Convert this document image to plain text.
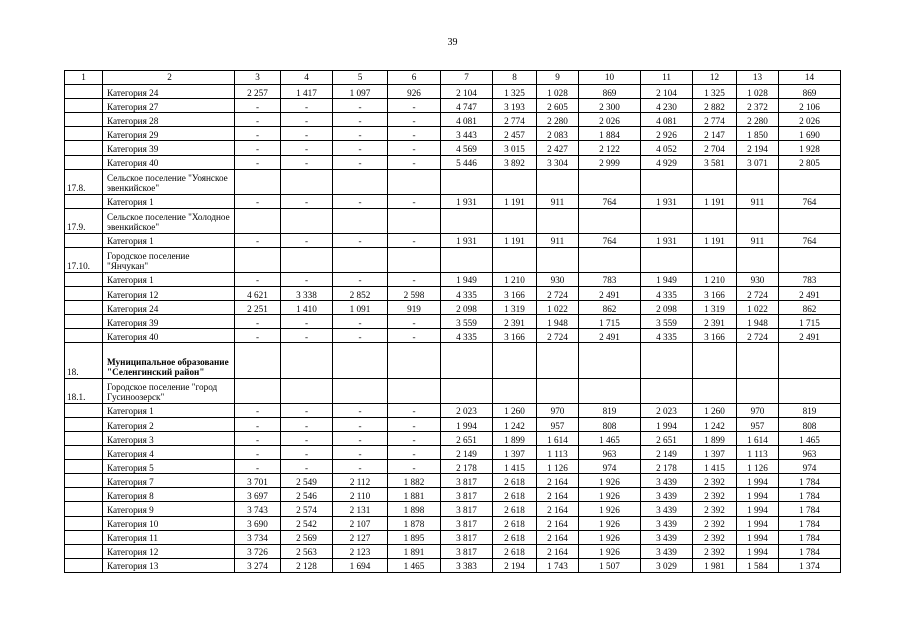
39
1	2	3	4	5	6	7	8	9	10	11	12	13	14
	Категория 24	2 257	1 417	1 097	926	2 104	1 325	1 028	869	2 104	1 325	1 028	869
	Категория 27	-	-	-	-	4 747	3 193	2 605	2 300	4 230	2 882	2 372	2 106
	Категория 28	-	-	-	-	4 081	2 774	2 280	2 026	4 081	2 774	2 280	2 026
	Категория 29	-	-	-	-	3 443	2 457	2 083	1 884	2 926	2 147	1 850	1 690
	Категория 39	-	-	-	-	4 569	3 015	2 427	2 122	4 052	2 704	2 194	1 928
	Категория 40	-	-	-	-	5 446	3 892	3 304	2 999	4 929	3 581	3 071	2 805
17.8.	Сельское поселение "Уоянское эвенкийское"												
	Категория 1	-	-	-	-	1 931	1 191	911	764	1 931	1 191	911	764
17.9.	Сельское поселение "Холодное эвенкийское"												
	Категория 1	-	-	-	-	1 931	1 191	911	764	1 931	1 191	911	764
17.10.	Городское поселение "Янчукан"												
	Категория 1	-	-	-	-	1 949	1 210	930	783	1 949	1 210	930	783
	Категория 12	4 621	3 338	2 852	2 598	4 335	3 166	2 724	2 491	4 335	3 166	2 724	2 491
	Категория 24	2 251	1 410	1 091	919	2 098	1 319	1 022	862	2 098	1 319	1 022	862
	Категория 39	-	-	-	-	3 559	2 391	1 948	1 715	3 559	2 391	1 948	1 715
	Категория 40	-	-	-	-	4 335	3 166	2 724	2 491	4 335	3 166	2 724	2 491
18.	Муниципальное образование "Селенгинский район"												
18.1.	Городское поселение "город Гусиноозерск"												
	Категория 1	-	-	-	-	2 023	1 260	970	819	2 023	1 260	970	819
	Категория 2	-	-	-	-	1 994	1 242	957	808	1 994	1 242	957	808
	Категория 3	-	-	-	-	2 651	1 899	1 614	1 465	2 651	1 899	1 614	1 465
	Категория 4	-	-	-	-	2 149	1 397	1 113	963	2 149	1 397	1 113	963
	Категория 5	-	-	-	-	2 178	1 415	1 126	974	2 178	1 415	1 126	974
	Категория 7	3 701	2 549	2 112	1 882	3 817	2 618	2 164	1 926	3 439	2 392	1 994	1 784
	Категория 8	3 697	2 546	2 110	1 881	3 817	2 618	2 164	1 926	3 439	2 392	1 994	1 784
	Категория 9	3 743	2 574	2 131	1 898	3 817	2 618	2 164	1 926	3 439	2 392	1 994	1 784
	Категория 10	3 690	2 542	2 107	1 878	3 817	2 618	2 164	1 926	3 439	2 392	1 994	1 784
	Категория 11	3 734	2 569	2 127	1 895	3 817	2 618	2 164	1 926	3 439	2 392	1 994	1 784
	Категория 12	3 726	2 563	2 123	1 891	3 817	2 618	2 164	1 926	3 439	2 392	1 994	1 784
	Категория 13	3 274	2 128	1 694	1 465	3 383	2 194	1 743	1 507	3 029	1 981	1 584	1 374
